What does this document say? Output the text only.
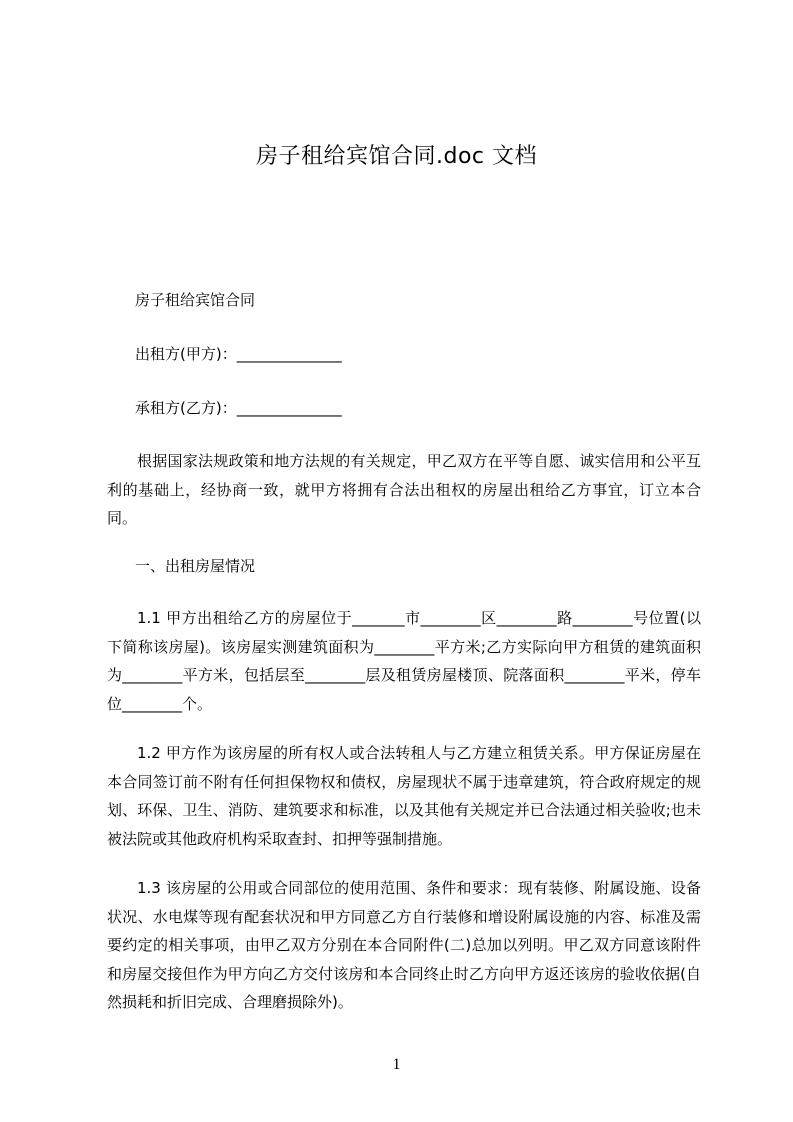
房子租给宾馆合同.doc 文档
房子租给宾馆合同
出租方(甲方)：______________
承租方(乙方)：______________
根据国家法规政策和地方法规的有关规定，甲乙双方在平等自愿、诚实信用和公平互利的基础上，经协商一致，就甲方将拥有合法出租权的房屋出租给乙方事宜，订立本合同。
一、出租房屋情况
1.1 甲方出租给乙方的房屋位于_______市________区________路________号位置(以下简称该房屋)。该房屋实测建筑面积为________平方米;乙方实际向甲方租赁的建筑面积为________平方米，包括层至________层及租赁房屋楼顶、院落面积________平米，停车位________个。
1.2 甲方作为该房屋的所有权人或合法转租人与乙方建立租赁关系。甲方保证房屋在本合同签订前不附有任何担保物权和债权，房屋现状不属于违章建筑，符合政府规定的规划、环保、卫生、消防、建筑要求和标准，以及其他有关规定并已合法通过相关验收;也未被法院或其他政府机构采取查封、扣押等强制措施。
1.3 该房屋的公用或合同部位的使用范围、条件和要求：现有装修、附属设施、设备状况、水电煤等现有配套状况和甲方同意乙方自行装修和增设附属设施的内容、标准及需要约定的相关事项，由甲乙双方分别在本合同附件(二)总加以列明。甲乙双方同意该附件和房屋交接但作为甲方向乙方交付该房和本合同终止时乙方向甲方返还该房的验收依据(自然损耗和折旧完成、合理磨损除外)。
1
